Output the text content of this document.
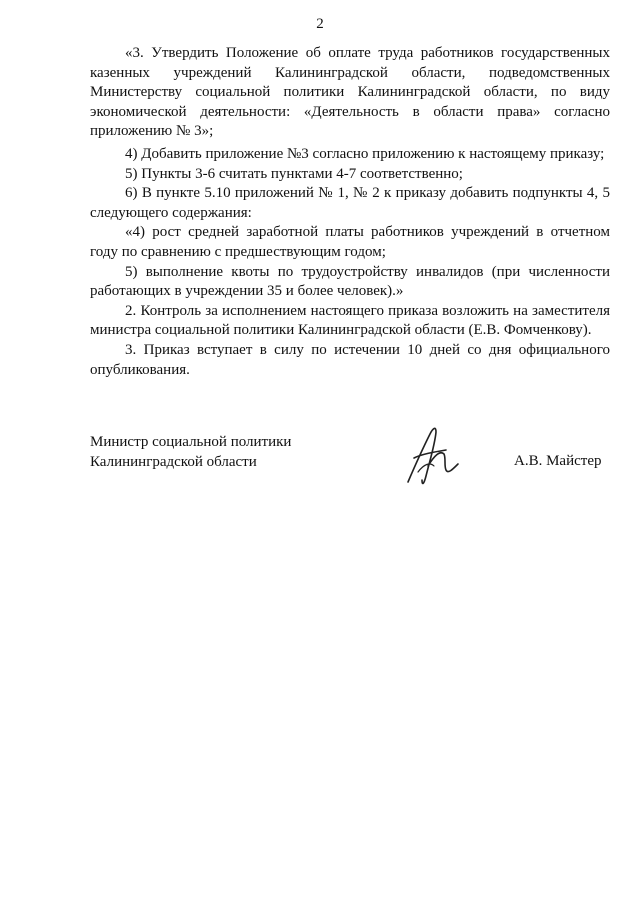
2

«3. Утвердить Положение об оплате труда работников государственных казенных учреждений Калининградской области, подведомственных Министерству социальной политики Калининградской области, по виду экономической деятельности: «Деятельность в области права» согласно приложению № 3»;

4) Добавить приложение №3 согласно приложению к настоящему приказу;

5) Пункты 3-6 считать пунктами 4-7 соответственно;

6) В пункте 5.10 приложений № 1, № 2 к приказу добавить подпункты 4, 5 следующего содержания:

«4) рост средней заработной платы работников учреждений в отчетном году по сравнению с предшествующим годом;

5) выполнение квоты по трудоустройству инвалидов (при численности работающих в учреждении 35 и более человек).»

2. Контроль за исполнением настоящего приказа возложить на заместителя министра социальной политики Калининградской области (Е.В. Фомченкову).

3. Приказ вступает в силу по истечении 10 дней со дня официального опубликования.

Министр социальной политики
Калининградской области	А.В. Майстер
